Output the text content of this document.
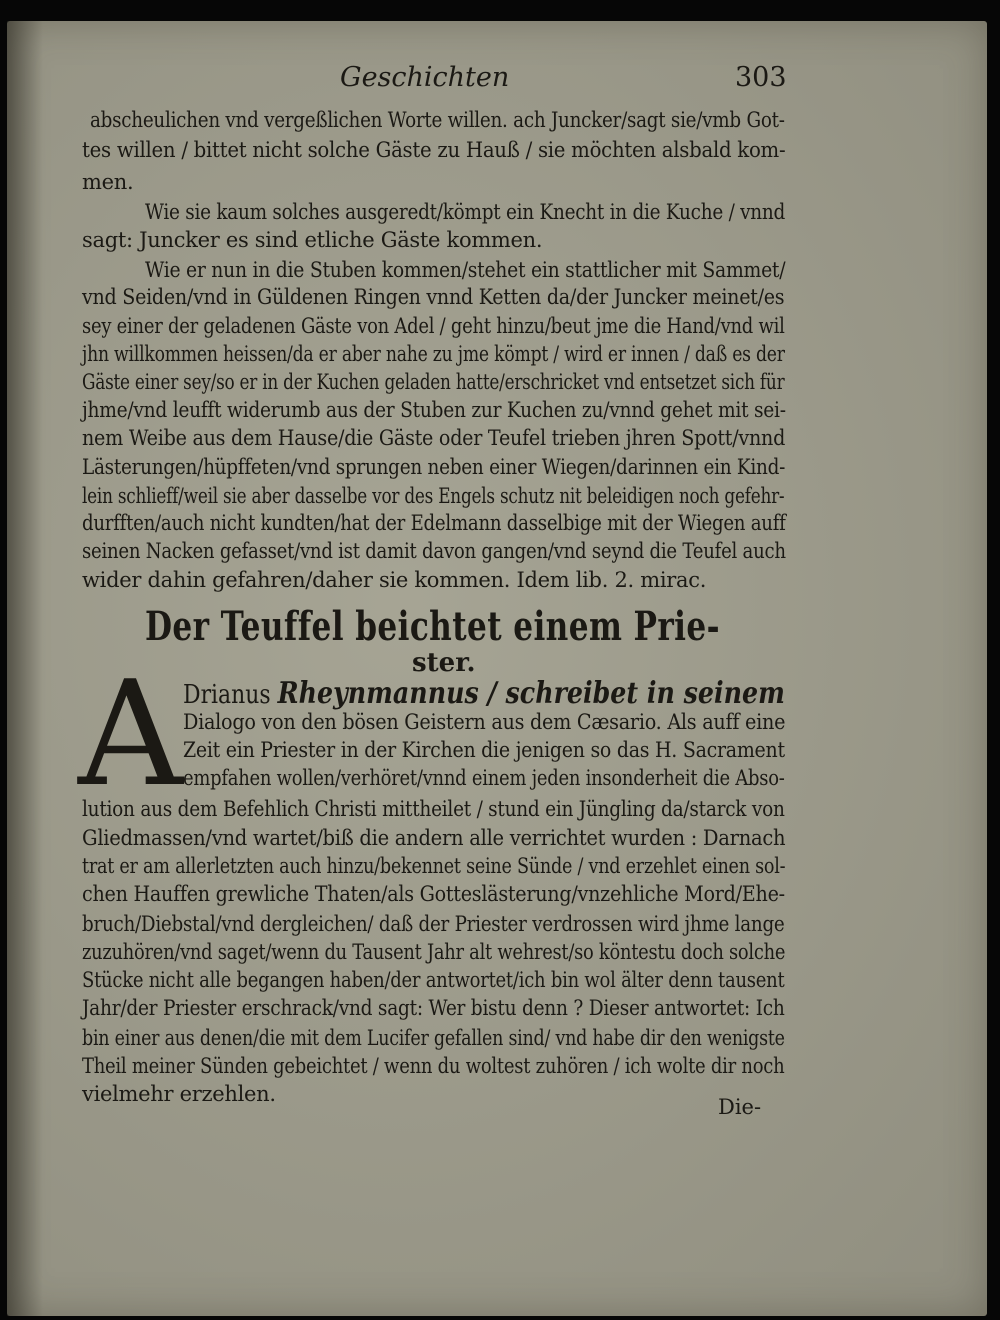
Geschichten	303
abscheulichen vnd vergeßlichen Worte willen. ach Juncker/sagt sie/vmb Got-
tes willen / bittet nicht solche Gäste zu Hauß / sie möchten alsbald kom-
men.
Wie sie kaum solches ausgeredt/kömpt ein Knecht in die Kuche / vnnd
sagt: Juncker es sind etliche Gäste kommen.
Wie er nun in die Stuben kommen/stehet ein stattlicher mit Sammet/
vnd Seiden/vnd in Güldenen Ringen vnnd Ketten da/der Juncker meinet/es
sey einer der geladenen Gäste von Adel / geht hinzu/beut jme die Hand/vnd wil
jhn willkommen heissen/da er aber nahe zu jme kömpt / wird er innen / daß es der
Gäste einer sey/so er in der Kuchen geladen hatte/erschricket vnd entsetzet sich für
jhme/vnd leufft widerumb aus der Stuben zur Kuchen zu/vnnd gehet mit sei-
nem Weibe aus dem Hause/die Gäste oder Teufel trieben jhren Spott/vnnd
Lästerungen/hüpffeten/vnd sprungen neben einer Wiegen/darinnen ein Kind-
lein schlieff/weil sie aber dasselbe vor des Engels schutz nit beleidigen noch gefehr-
durfften/auch nicht kundten/hat der Edelmann dasselbige mit der Wiegen auff
seinen Nacken gefasset/vnd ist damit davon gangen/vnd seynd die Teufel auch
wider dahin gefahren/daher sie kommen. Idem lib. 2. mirac.
Der Teuffel beichtet einem Prie-
ster.
A Drianus Rheynmannus / schreibet in seinem
Dialogo von den bösen Geistern aus dem Cæsario. Als auff eine
Zeit ein Priester in der Kirchen die jenigen so das H. Sacrament
empfahen wollen/verhöret/vnnd einem jeden insonderheit die Abso-
lution aus dem Befehlich Christi mittheilet / stund ein Jüngling da/starck von
Gliedmassen/vnd wartet/biß die andern alle verrichtet wurden : Darnach
trat er am allerletzten auch hinzu/bekennet seine Sünde / vnd erzehlet einen sol-
chen Hauffen grewliche Thaten/als Gotteslästerung/vnzehliche Mord/Ehe-
bruch/Diebstal/vnd dergleichen/ daß der Priester verdrossen wird jhme lange
zuzuhören/vnd saget/wenn du Tausent Jahr alt wehrest/so köntestu doch solche
Stücke nicht alle begangen haben/der antwortet/ich bin wol älter denn tausent
Jahr/der Priester erschrack/vnd sagt: Wer bistu denn ? Dieser antwortet: Ich
bin einer aus denen/die mit dem Lucifer gefallen sind/ vnd habe dir den wenigste
Theil meiner Sünden gebeichtet / wenn du woltest zuhören / ich wolte dir noch
vielmehr erzehlen.
Die-
